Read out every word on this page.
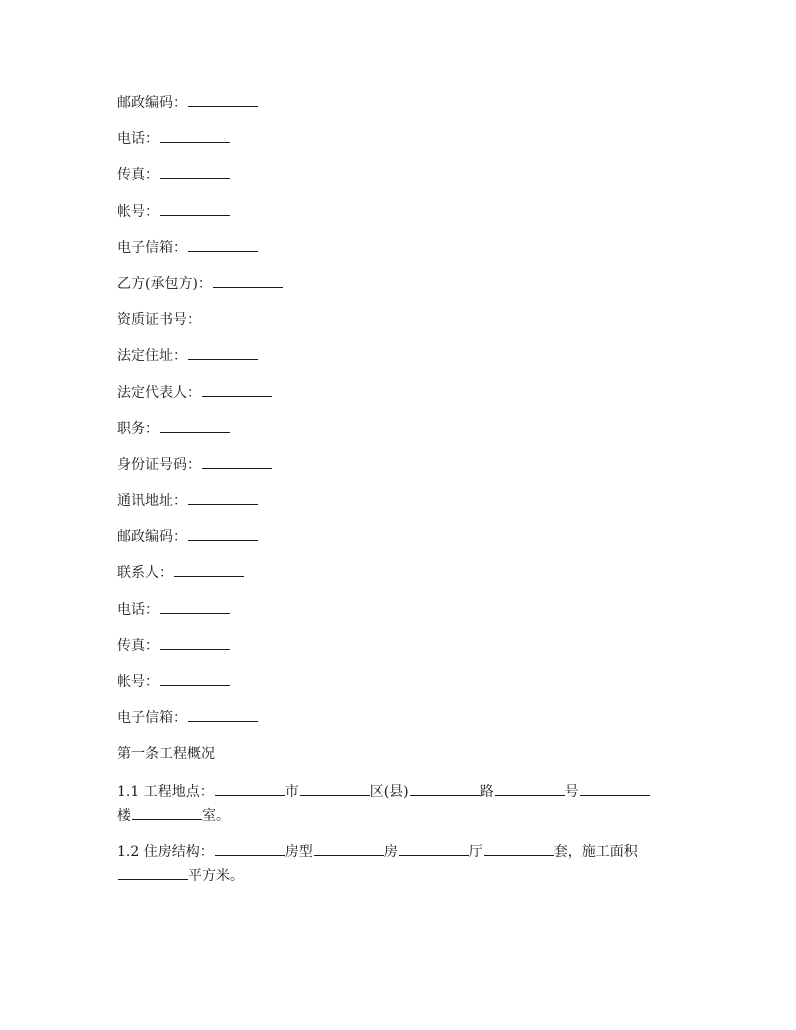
邮政编码：
电话：
传真：
帐号：
电子信箱：
乙方(承包方)：
资质证书号：
法定住址：
法定代表人：
职务：
身份证号码：
通讯地址：
邮政编码：
联系人：
电话：
传真：
帐号：
电子信箱：
第一条工程概况
1.1 工程地点：	市	区(县)	路	号
楼	室。
1.2 住房结构：	房型	房	厅	套，施工面积
平方米。
